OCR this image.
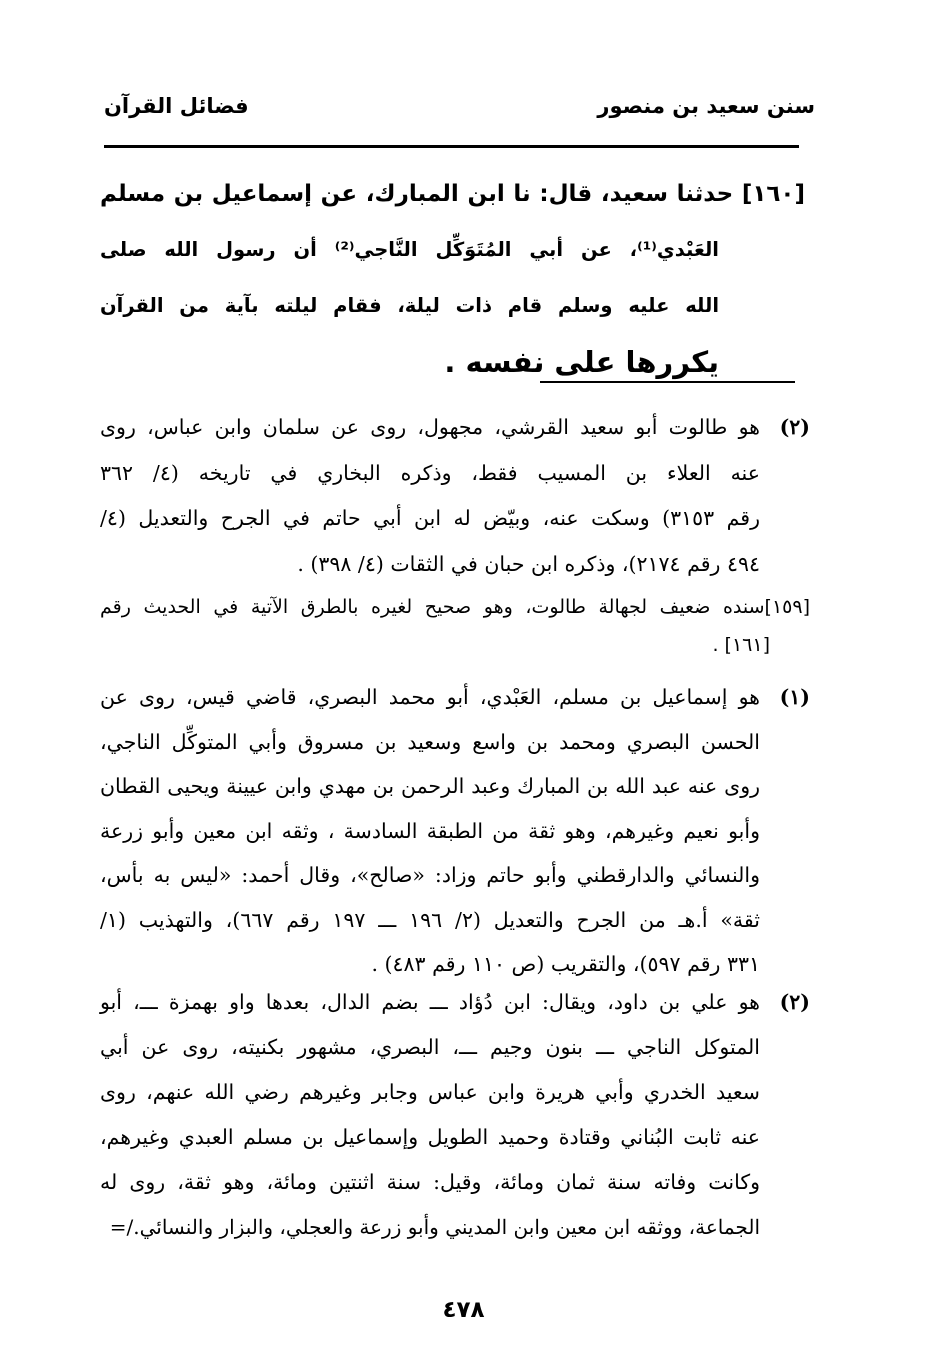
سنن سعيد بن منصور
فضائل القرآن
[١٦٠] حدثنا سعيد، قال: نا ابن المبارك، عن إسماعيل بن مسلم
العَبْدي⁽¹⁾، عن أبي المُتَوَكِّل النَّاجي⁽²⁾ أن رسول الله صلى
الله عليه وسلم قام ذات ليلة، فقام ليلته بآية من القرآن
يكررها على نفسه .
(٢)
هو طالوت أبو سعيد القرشي، مجهول، روى عن سلمان وابن عباس، روى
عنه العلاء بن المسيب فقط، وذكره البخاري في تاريخه (٤/ ٣٦٢
رقم ٣١٥٣) وسكت عنه، وبيّض له ابن أبي حاتم في الجرح والتعديل (٤/
٤٩٤ رقم ٢١٧٤)، وذكره ابن حبان في الثقات (٤/ ٣٩٨) .
[١٥٩]سنده ضعيف لجهالة طالوت، وهو صحيح لغيره بالطرق الآتية في الحديث رقم
[١٦١] .
(١)
هو إسماعيل بن مسلم، العَبْدي، أبو محمد البصري، قاضي قيس، روى عن
الحسن البصري ومحمد بن واسع وسعيد بن مسروق وأبي المتوكِّل الناجي،
روى عنه عبد الله بن المبارك وعبد الرحمن بن مهدي وابن عيينة ويحيى القطان
وأبو نعيم وغيرهم، وهو ثقة من الطبقة السادسة ، وثقه ابن معين وأبو زرعة
والنسائي والدارقطني وأبو حاتم وزاد: «صالح»، وقال أحمد: «ليس به بأس،
ثقة» أ.هـ من الجرح والتعديل (٢/ ١٩٦ ـــ ١٩٧ رقم ٦٦٧)، والتهذيب (١/
٣٣١ رقم ٥٩٧)، والتقريب (ص ١١٠ رقم ٤٨٣) .
(٢)
هو علي بن داود، ويقال: ابن دُؤاد ـــ بضم الدال، بعدها واو بهمزة ـــ، أبو
المتوكل الناجي ـــ بنون وجيم ـــ، البصري، مشهور بكنيته، روى عن أبي
سعيد الخدري وأبي هريرة وابن عباس وجابر وغيرهم رضي الله عنهم، روى
عنه ثابت البُناني وقتادة وحميد الطويل وإسماعيل بن مسلم العبدي وغيرهم،
وكانت وفاته سنة ثمان ومائة، وقيل: سنة اثنتين ومائة، وهو ثقة، روى له
الجماعة، ووثقه ابن معين وابن المديني وأبو زرعة والعجلي، والبزار والنسائي./=
٤٧٨
